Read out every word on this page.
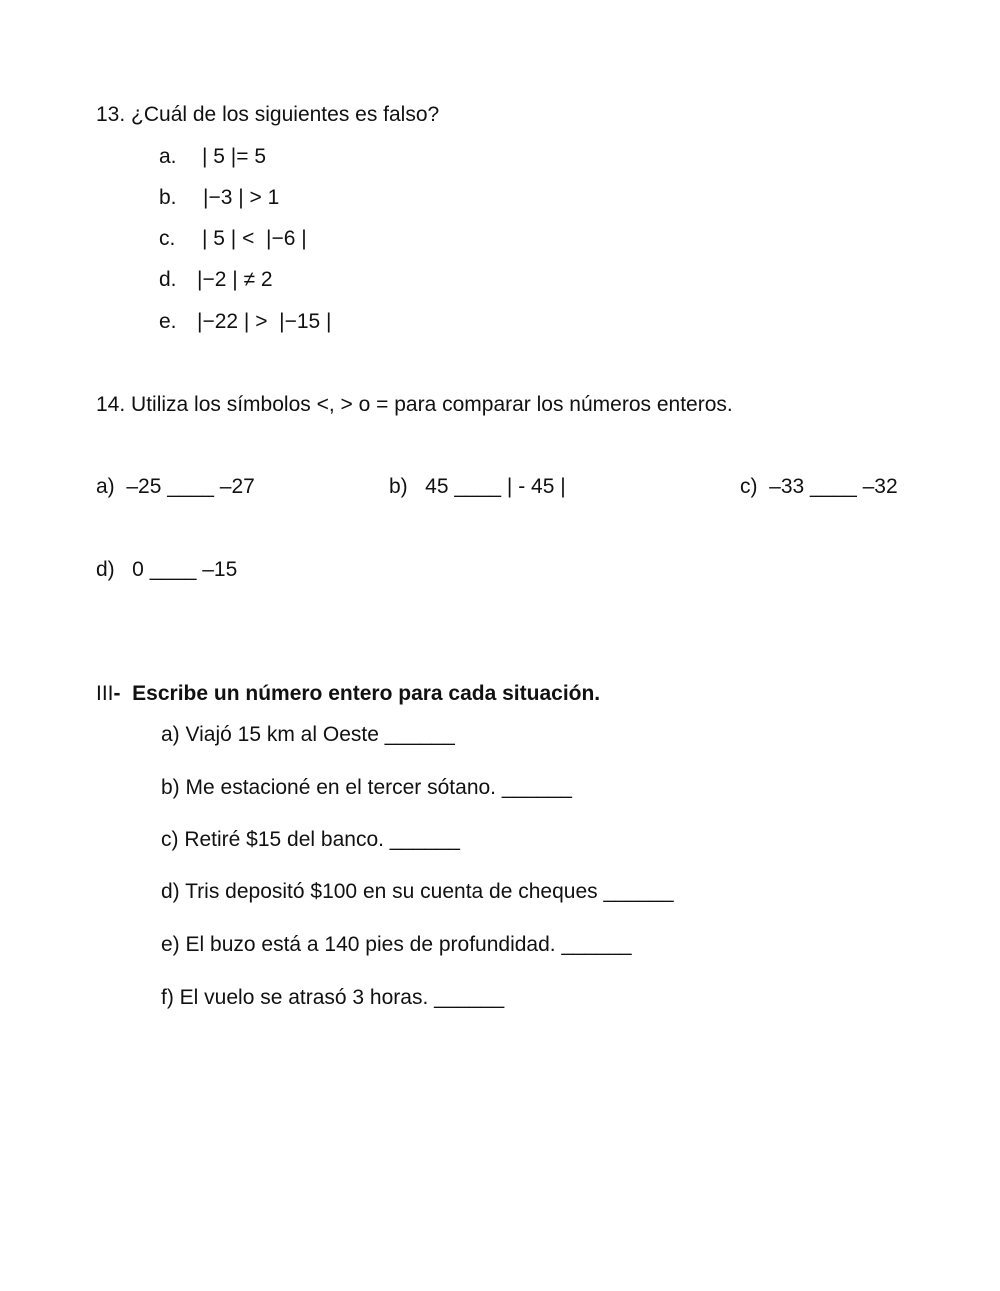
13. ¿Cuál de los siguientes es falso?
a. | 5 |= 5
b. |−3 | > 1
c. | 5 | <  |−6 |
d. |−2 | ≠ 2
e. |−22 | >  |−15 |
14. Utiliza los símbolos <, > o = para comparar los números enteros.
a)  –25 ____ –27	b)   45 ____ | - 45 |	c)  –33 ____ –32
d)   0 ____ –15
III-  Escribe un número entero para cada situación.
a) Viajó 15 km al Oeste ______
b) Me estacioné en el tercer sótano. ______
c) Retiré $15 del banco. ______
d) Tris depositó $100 en su cuenta de cheques ______
e) El buzo está a 140 pies de profundidad. ______
f) El vuelo se atrasó 3 horas. ______
